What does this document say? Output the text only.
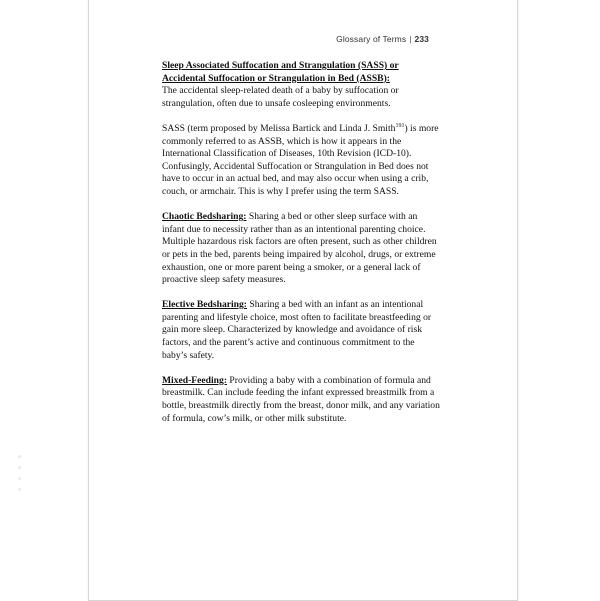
Glossary of Terms | 233
Sleep Associated Suffocation and Strangulation (SASS) or
Accidental Suffocation or Strangulation in Bed (ASSB):
The accidental sleep-related death of a baby by suffocation or strangulation, often due to unsafe cosleeping environments.
SASS (term proposed by Melissa Bartick and Linda J. Smith$^{191}$) is more commonly referred to as ASSB, which is how it appears in the International Classification of Diseases, 10th Revision (ICD-10). Confusingly, Accidental Suffocation or Strangulation in Bed does not have to occur in an actual bed, and may also occur when using a crib, couch, or armchair. This is why I prefer using the term SASS.
Chaotic Bedsharing: Sharing a bed or other sleep surface with an infant due to necessity rather than as an intentional parenting choice. Multiple hazardous risk factors are often present, such as other children or pets in the bed, parents being impaired by alcohol, drugs, or extreme exhaustion, one or more parent being a smoker, or a general lack of proactive sleep safety measures.
Elective Bedsharing: Sharing a bed with an infant as an intentional parenting and lifestyle choice, most often to facilitate breastfeeding or gain more sleep. Characterized by knowledge and avoidance of risk factors, and the parent’s active and continuous commitment to the baby’s safety.
Mixed-Feeding: Providing a baby with a combination of formula and breastmilk. Can include feeding the infant expressed breastmilk from a bottle, breastmilk directly from the breast, donor milk, and any variation of formula, cow’s milk, or other milk substitute.
